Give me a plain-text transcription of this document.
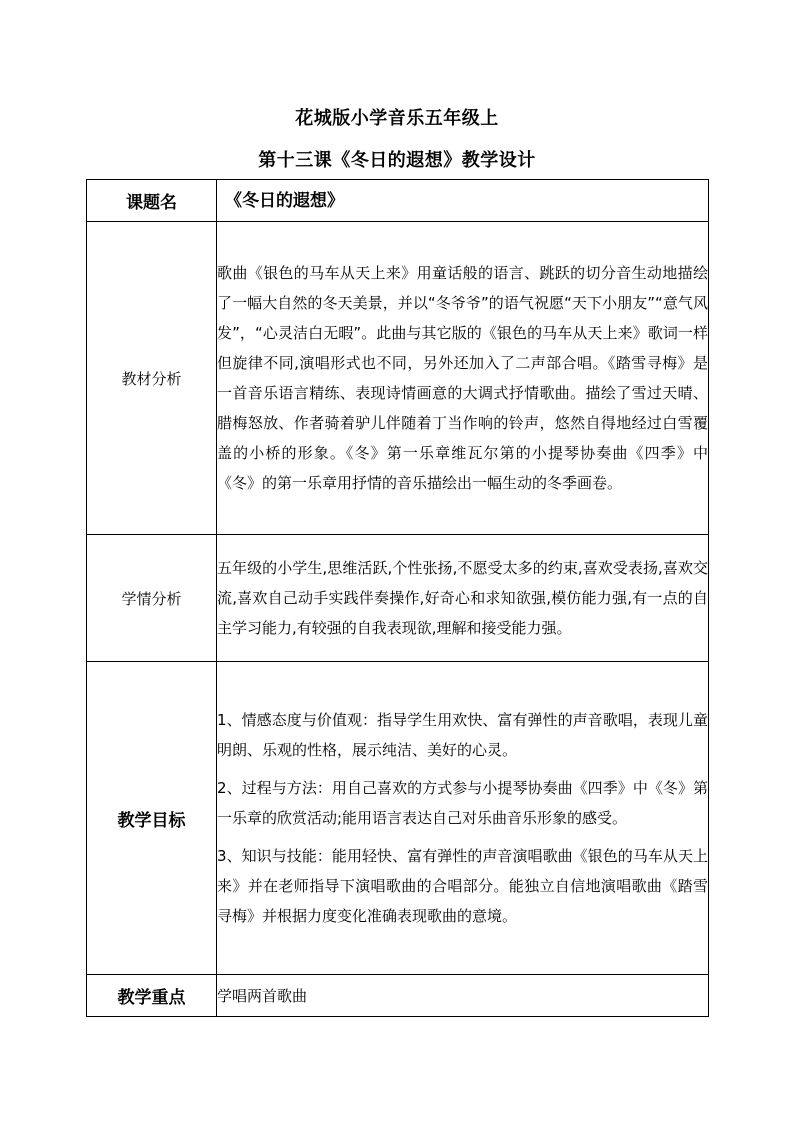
花城版小学音乐五年级上
第十三课《冬日的遐想》教学设计
课题名	《冬日的遐想》
教材分析	歌曲《银色的马车从天上来》用童话般的语言、跳跃的切分音生动地描绘了一幅大自然的冬天美景，并以“冬爷爷”的语气祝愿“天下小朋友”“意气风发”，“心灵洁白无暇”。此曲与其它版的《银色的马车从天上来》歌词一样但旋律不同,演唱形式也不同，另外还加入了二声部合唱。《踏雪寻梅》是一首音乐语言精练、表现诗情画意的大调式抒情歌曲。描绘了雪过天晴、腊梅怒放、作者骑着驴儿伴随着丁当作响的铃声，悠然自得地经过白雪覆盖的小桥的形象。《冬》第一乐章维瓦尔第的小提琴协奏曲《四季》中《冬》的第一乐章用抒情的音乐描绘出一幅生动的冬季画卷。
学情分析	五年级的小学生,思维活跃,个性张扬,不愿受太多的约束,喜欢受表扬,喜欢交流,喜欢自己动手实践伴奏操作,好奇心和求知欲强,模仿能力强,有一点的自主学习能力,有较强的自我表现欲,理解和接受能力强。
教学目标	1、情感态度与价值观：指导学生用欢快、富有弹性的声音歌唱，表现儿童明朗、乐观的性格，展示纯洁、美好的心灵。

2、过程与方法：用自己喜欢的方式参与小提琴协奏曲《四季》中《冬》第一乐章的欣赏活动;能用语言表达自己对乐曲音乐形象的感受。

3、知识与技能：能用轻快、富有弹性的声音演唱歌曲《银色的马车从天上来》并在老师指导下演唱歌曲的合唱部分。能独立自信地演唱歌曲《踏雪寻梅》并根据力度变化准确表现歌曲的意境。

教学重点	学唱两首歌曲
